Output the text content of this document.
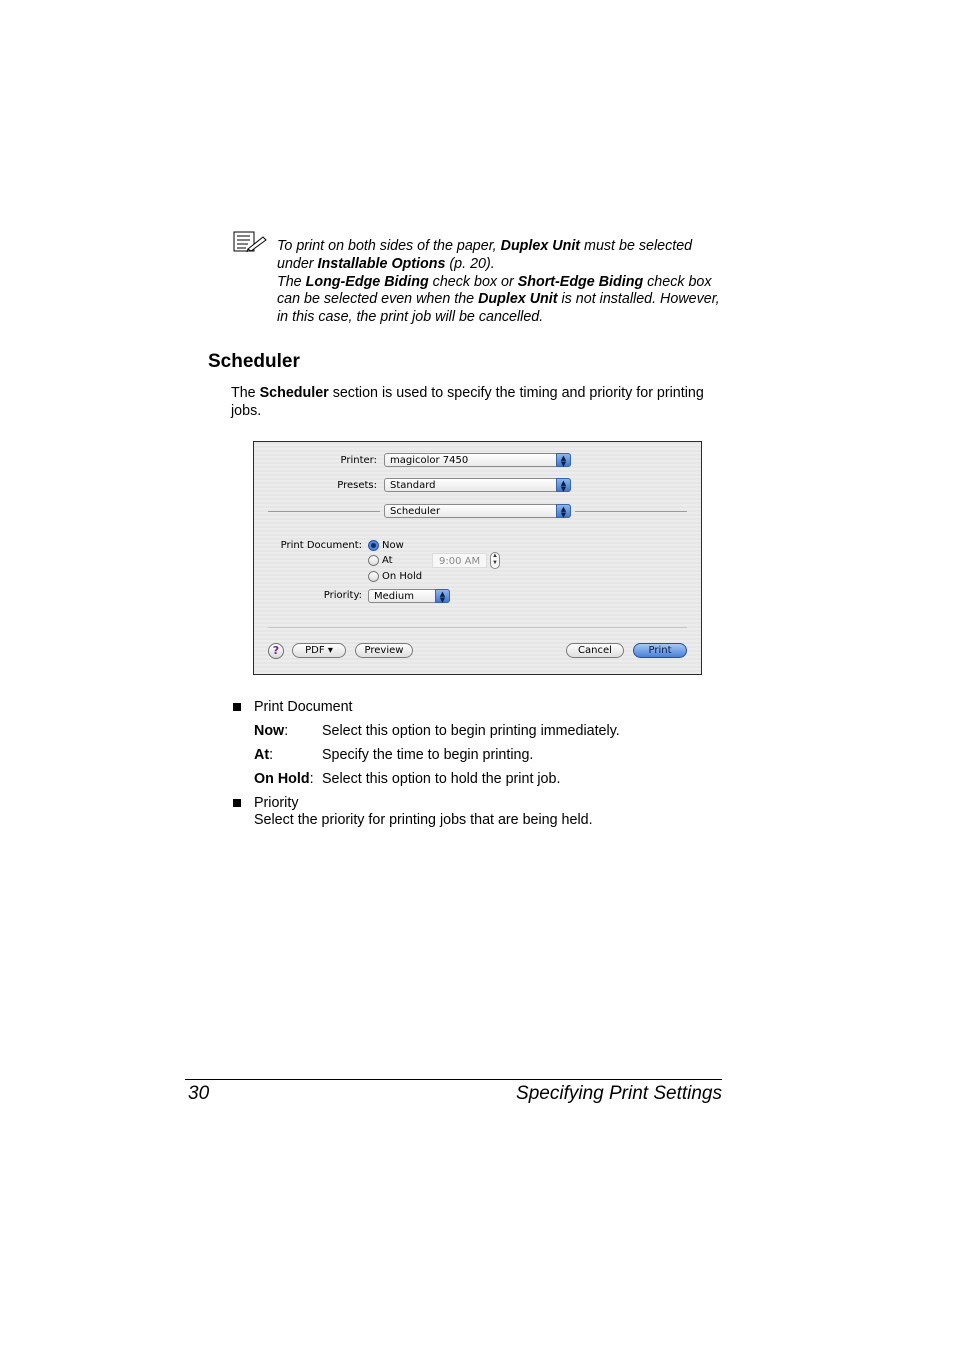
To print on both sides of the paper, Duplex Unit must be selected
under Installable Options (p. 20).
The Long-Edge Biding check box or Short-Edge Biding check box
can be selected even when the Duplex Unit is not installed. However,
in this case, the print job will be cancelled.
Scheduler
The Scheduler section is used to specify the timing and priority for printing
jobs.
Printer:	magicolor 7450	▲
▼
Presets:	Standard	▲
▼
Scheduler	▲
▼
Print Document: Now
At	9:00 AM	▲
▼
On Hold
Priority:	Medium	▲
▼
?	PDF ▾	Preview	Cancel	Print
Print Document
Now: Select this option to begin printing immediately.
At:	Specify the time to begin printing.
On Hold: Select this option to hold the print job.
Priority
Select the priority for printing jobs that are being held.
30	Specifying Print Settings
